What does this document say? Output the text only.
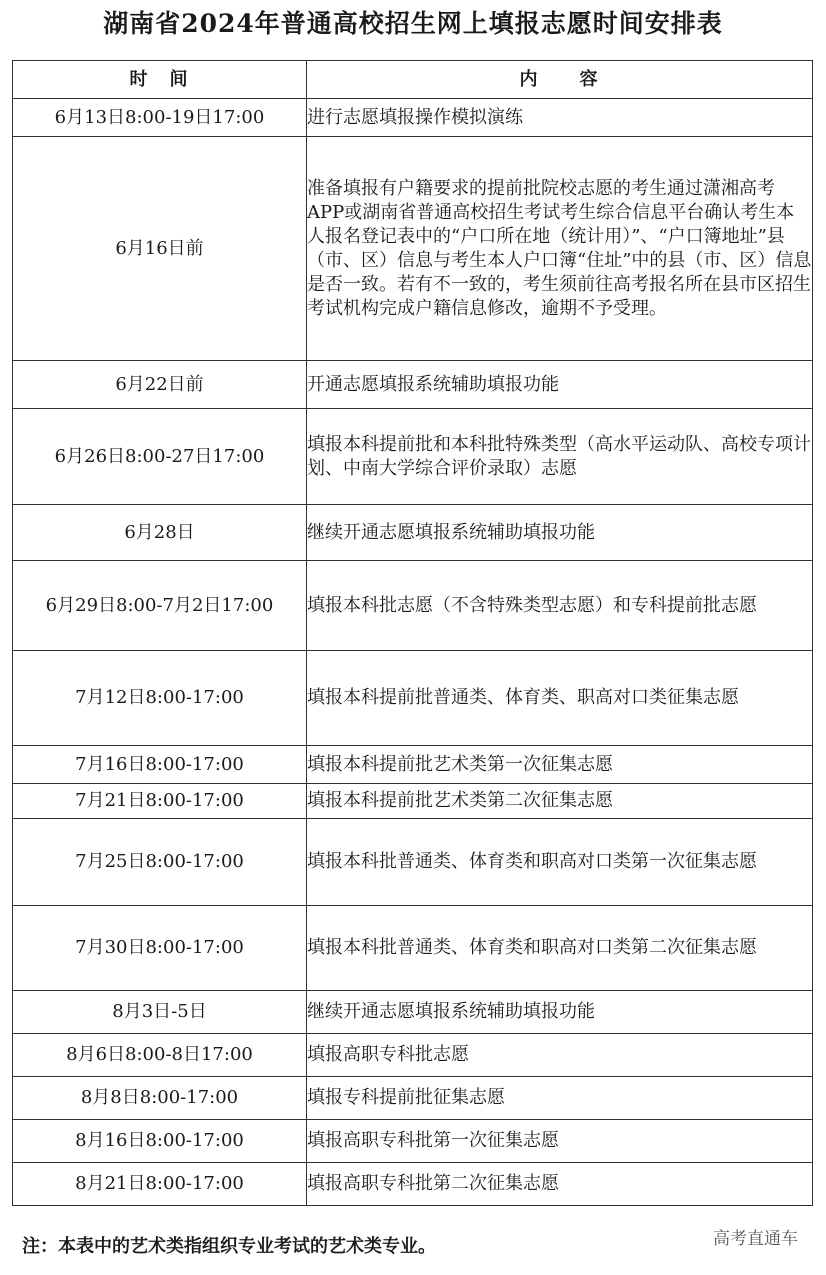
湖南省2024年普通高校招生网上填报志愿时间安排表
时　间	内　　容
6月13日8:00-19日17:00	进行志愿填报操作模拟演练
6月16日前	准备填报有户籍要求的提前批院校志愿的考生通过潇湘高考APP或湖南省普通高校招生考试考生综合信息平台确认考生本人报名登记表中的“户口所在地（统计用）”、“户口簿地址”县（市、区）信息与考生本人户口簿“住址”中的县（市、区）信息是否一致。若有不一致的，考生须前往高考报名所在县市区招生考试机构完成户籍信息修改，逾期不予受理。
6月22日前	开通志愿填报系统辅助填报功能
6月26日8:00-27日17:00	填报本科提前批和本科批特殊类型（高水平运动队、高校专项计划、中南大学综合评价录取）志愿
6月28日	继续开通志愿填报系统辅助填报功能
6月29日8:00-7月2日17:00	填报本科批志愿（不含特殊类型志愿）和专科提前批志愿
7月12日8:00-17:00	填报本科提前批普通类、体育类、职高对口类征集志愿
7月16日8:00-17:00	填报本科提前批艺术类第一次征集志愿
7月21日8:00-17:00	填报本科提前批艺术类第二次征集志愿
7月25日8:00-17:00	填报本科批普通类、体育类和职高对口类第一次征集志愿
7月30日8:00-17:00	填报本科批普通类、体育类和职高对口类第二次征集志愿
8月3日-5日	继续开通志愿填报系统辅助填报功能
8月6日8:00-8日17:00	填报高职专科批志愿
8月8日8:00-17:00	填报专科提前批征集志愿
8月16日8:00-17:00	填报高职专科批第一次征集志愿
8月21日8:00-17:00	填报高职专科批第二次征集志愿
注：本表中的艺术类指组织专业考试的艺术类专业。	高考直通车
